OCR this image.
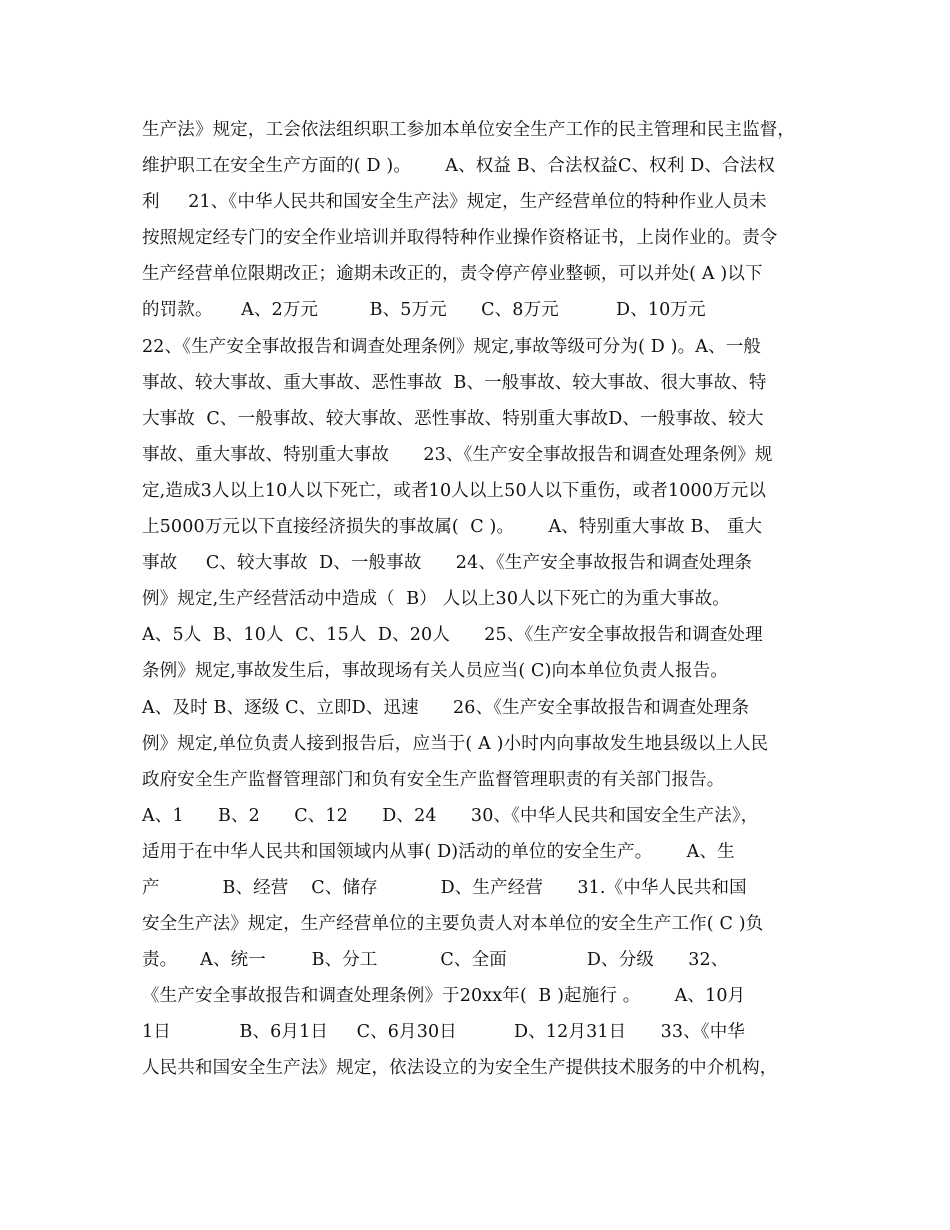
生产法》规定，工会依法组织职工参加本单位安全生产工作的民主管理和民主监督，
维护职工在安全生产方面的( D )。      A、权益 B、合法权益C、权利 D、合法权
利     21、《中华人民共和国安全生产法》规定，生产经营单位的特种作业人员未
按照规定经专门的安全作业培训并取得特种作业操作资格证书，上岗作业的。责令
生产经营单位限期改正；逾期未改正的，责令停产停业整顿，可以并处( A )以下
的罚款。     A、2万元         B、5万元      C、8万元          D、10万元
22、《生产安全事故报告和调查处理条例》规定,事故等级可分为( D )。A、一般
事故、较大事故、重大事故、恶性事故  B、一般事故、较大事故、很大事故、特
大事故  C、一般事故、较大事故、恶性事故、特别重大事故D、一般事故、较大
事故、重大事故、特别重大事故      23、《生产安全事故报告和调查处理条例》规
定,造成3人以上10人以下死亡，或者10人以上50人以下重伤，或者1000万元以
上5000万元以下直接经济损失的事故属(  C )。      A、特别重大事故 B、 重大
事故     C、较大事故  D、一般事故      24、《生产安全事故报告和调查处理条
例》规定,生产经营活动中造成（  B） 人以上30人以下死亡的为重大事故。
A、5人  B、10人  C、15人  D、20人      25、《生产安全事故报告和调查处理
条例》规定,事故发生后，事故现场有关人员应当( C)向本单位负责人报告。
A、及时 B、逐级 C、立即D、迅速      26、《生产安全事故报告和调查处理条
例》规定,单位负责人接到报告后，应当于( A )小时内向事故发生地县级以上人民
政府安全生产监督管理部门和负有安全生产监督管理职责的有关部门报告。
A、1      B、2      C、12      D、24      30、《中华人民共和国安全生产法》，
适用于在中华人民共和国领域内从事( D)活动的单位的安全生产。      A、生
产           B、经营    C、储存           D、生产经营      31.《中华人民共和国
安全生产法》规定，生产经营单位的主要负责人对本单位的安全生产工作( C )负
责。    A、统一        B、分工           C、全面              D、分级      32、
《生产安全事故报告和调查处理条例》于20xx年(  B )起施行 。      A、10月
1日            B、6月1日     C、6月30日          D、12月31日      33、《中华
人民共和国安全生产法》规定，依法设立的为安全生产提供技术服务的中介机构，
